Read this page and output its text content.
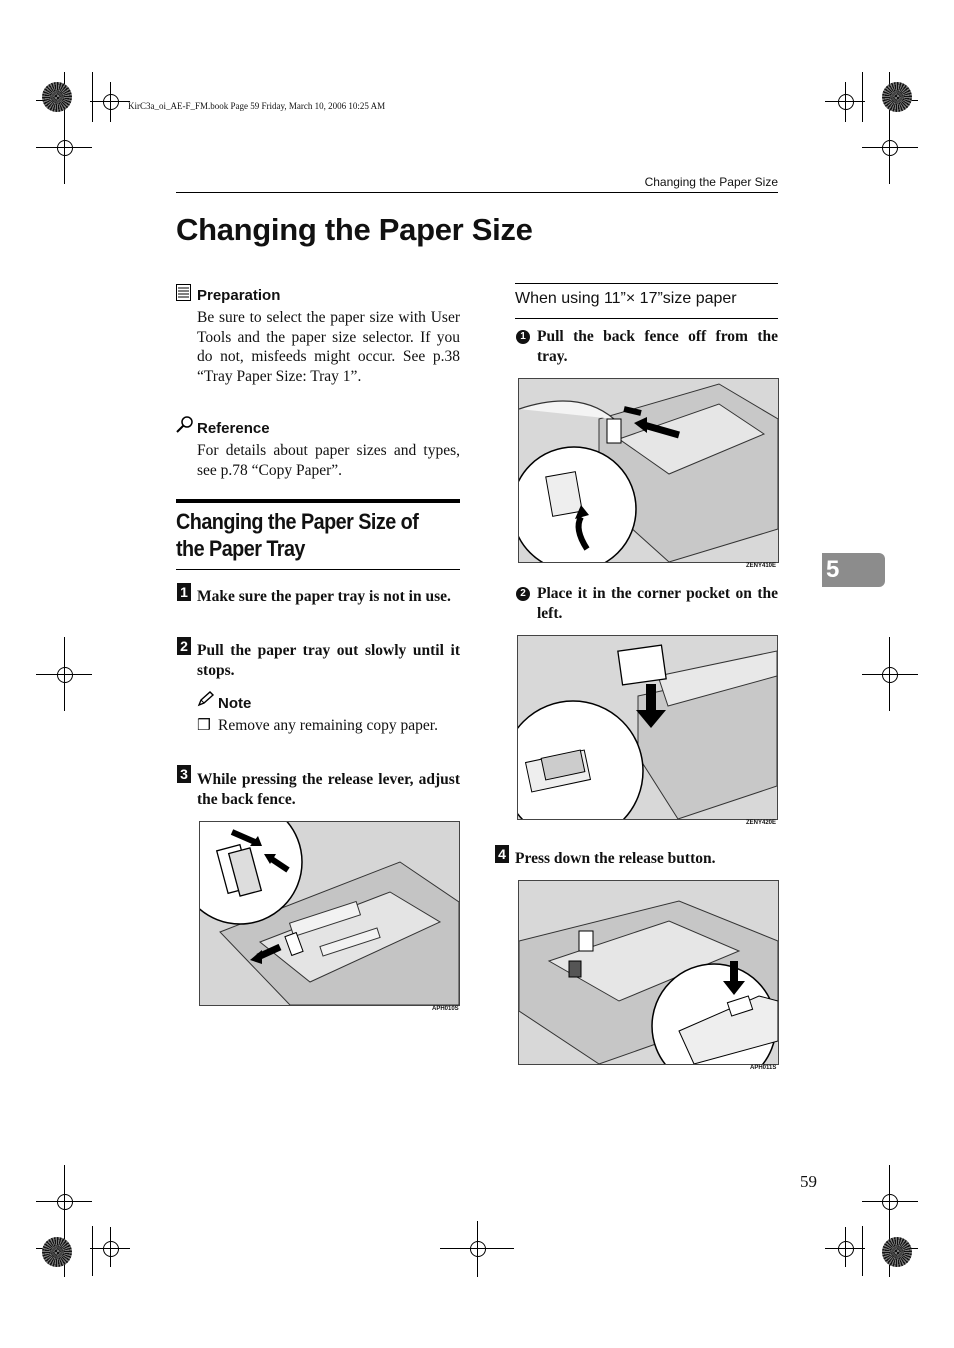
KirC3a_oi_AE-F_FM.book Page 59 Friday, March 10, 2006 10:25 AM
Changing the Paper Size
Changing the Paper Size
Preparation
Be sure to select the paper size with User Tools and the paper size selector. If you do not, misfeeds might occur. See p.38 “Tray Paper Size: Tray 1”.
Reference
For details about paper sizes and types, see p.78 “Copy Paper”.
Changing the Paper Size of the Paper Tray
1 Make sure the paper tray is not in use.
2 Pull the paper tray out slowly until it stops.
Note
❒ Remove any remaining copy paper.
3 While pressing the release lever, adjust the back fence.
APH010S
When using 11”× 17”size paper
1 Pull the back fence off from the tray.
ZENY410E
2 Place it in the corner pocket on the left.
ZENY420E
4 Press down the release button.
APH011S
5
59
